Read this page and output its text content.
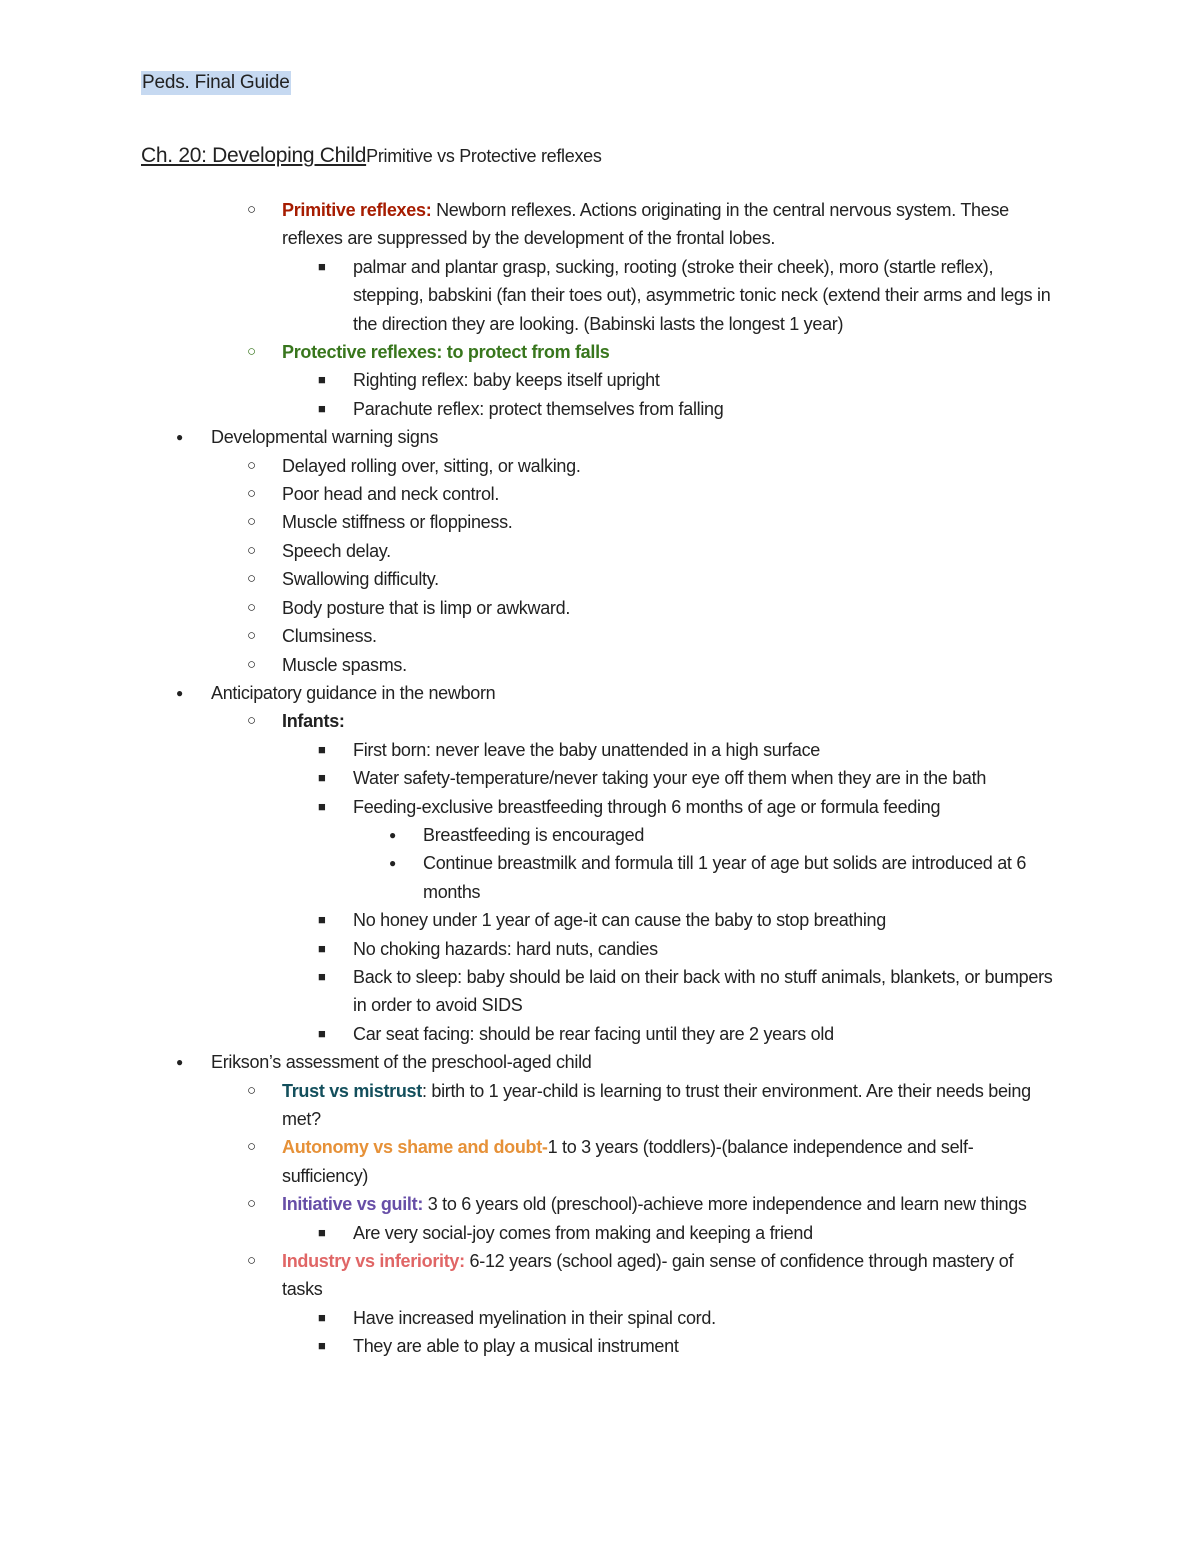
Peds. Final Guide
Ch. 20: Developing ChildPrimitive vs Protective reflexes
○ Primitive reflexes: Newborn reflexes. Actions originating in the central nervous system. These reflexes are suppressed by the development of the frontal lobes.
■ palmar and plantar grasp, sucking, rooting (stroke their cheek), moro (startle reflex), stepping, babskini (fan their toes out), asymmetric tonic neck (extend their arms and legs in the direction they are looking. (Babinski lasts the longest 1 year)
○ Protective reflexes: to protect from falls
■ Righting reflex: baby keeps itself upright
■ Parachute reflex: protect themselves from falling
● Developmental warning signs
○ Delayed rolling over, sitting, or walking.
○ Poor head and neck control.
○ Muscle stiffness or floppiness.
○ Speech delay.
○ Swallowing difficulty.
○ Body posture that is limp or awkward.
○ Clumsiness.
○ Muscle spasms.
● Anticipatory guidance in the newborn
○ Infants:
■ First born: never leave the baby unattended in a high surface
■ Water safety-temperature/never taking your eye off them when they are in the bath
■ Feeding-exclusive breastfeeding through 6 months of age or formula feeding
● Breastfeeding is encouraged
● Continue breastmilk and formula till 1 year of age but solids are introduced at 6 months
■ No honey under 1 year of age-it can cause the baby to stop breathing
■ No choking hazards: hard nuts, candies
■ Back to sleep: baby should be laid on their back with no stuff animals, blankets, or bumpers in order to avoid SIDS
■ Car seat facing: should be rear facing until they are 2 years old
● Erikson’s assessment of the preschool-aged child
○ Trust vs mistrust: birth to 1 year-child is learning to trust their environment. Are their needs being met?
○ Autonomy vs shame and doubt-1 to 3 years (toddlers)-(balance independence and self-sufficiency)
○ Initiative vs guilt: 3 to 6 years old (preschool)-achieve more independence and learn new things
■ Are very social-joy comes from making and keeping a friend
○ Industry vs inferiority: 6-12 years (school aged)- gain sense of confidence through mastery of tasks
■ Have increased myelination in their spinal cord.
■ They are able to play a musical instrument
